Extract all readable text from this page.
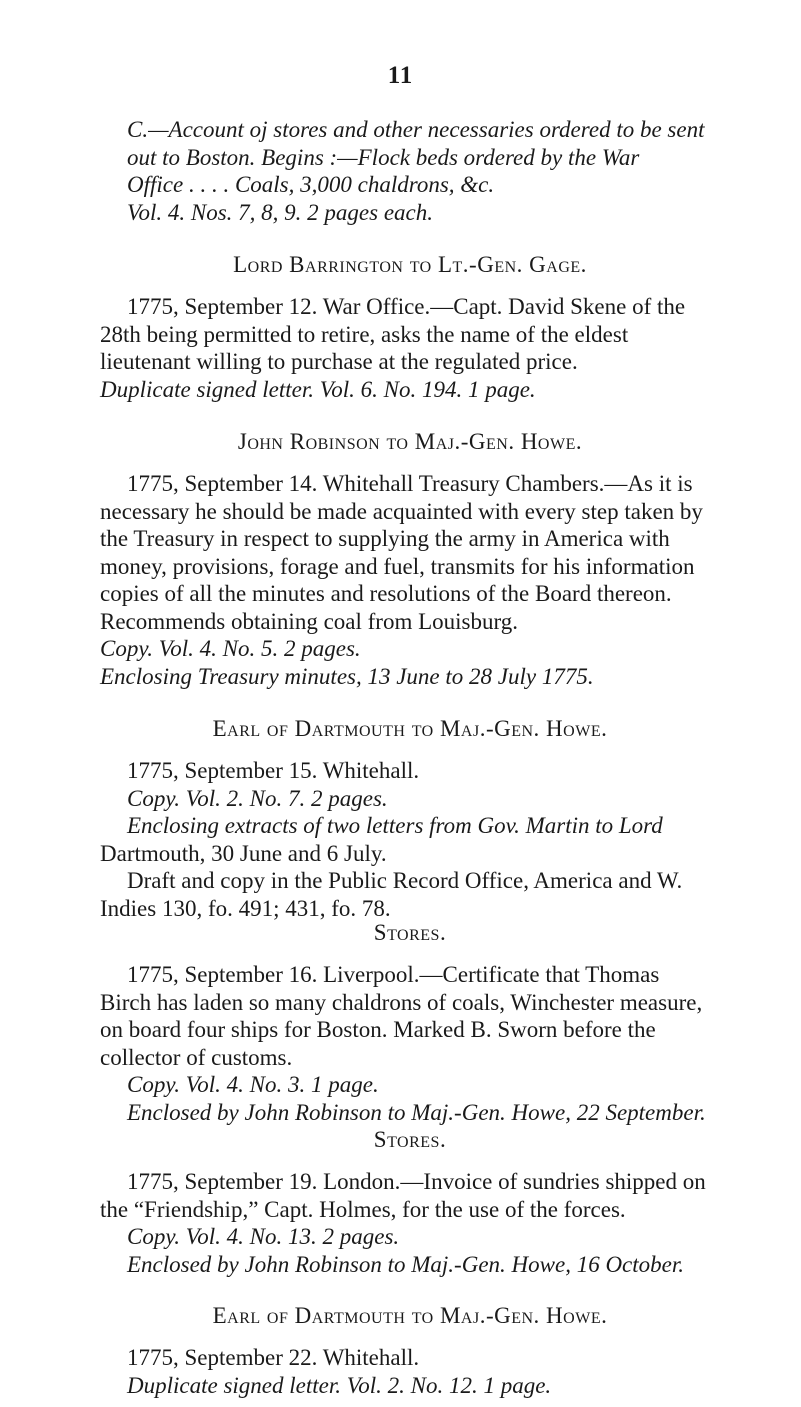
11
C.—Account oj stores and other necessaries ordered to be sent
out to Boston. Begins :—Flock beds ordered by the War
Office . . . . Coals, 3,000 chaldrons, &c.
Vol. 4. Nos. 7, 8, 9. 2 pages each.
Lord Barrington to Lt.-Gen. Gage.
1775, September 12. War Office.—Capt. David Skene of the
28th being permitted to retire, asks the name of the eldest
lieutenant willing to purchase at the regulated price.
Duplicate signed letter. Vol. 6. No. 194. 1 page.
John Robinson to Maj.-Gen. Howe.
1775, September 14. Whitehall Treasury Chambers.—As it is
necessary he should be made acquainted with every step taken by
the Treasury in respect to supplying the army in America with
money, provisions, forage and fuel, transmits for his information
copies of all the minutes and resolutions of the Board thereon.
Recommends obtaining coal from Louisburg.
Copy. Vol. 4. No. 5. 2 pages.
Enclosing Treasury minutes, 13 June to 28 July 1775.
Earl of Dartmouth to Maj.-Gen. Howe.
1775, September 15. Whitehall.
Copy. Vol. 2. No. 7. 2 pages.
Enclosing extracts of two letters from Gov. Martin to Lord
Dartmouth, 30 June and 6 July.
Draft and copy in the Public Record Office, America and W.
Indies 130, fo. 491; 431, fo. 78.
Stores.
1775, September 16. Liverpool.—Certificate that Thomas
Birch has laden so many chaldrons of coals, Winchester measure,
on board four ships for Boston. Marked B. Sworn before the
collector of customs.
Copy. Vol. 4. No. 3. 1 page.
Enclosed by John Robinson to Maj.-Gen. Howe, 22 September.
Stores.
1775, September 19. London.—Invoice of sundries shipped on
the “Friendship,” Capt. Holmes, for the use of the forces.
Copy. Vol. 4. No. 13. 2 pages.
Enclosed by John Robinson to Maj.-Gen. Howe, 16 October.
Earl of Dartmouth to Maj.-Gen. Howe.
1775, September 22. Whitehall.
Duplicate signed letter. Vol. 2. No. 12. 1 page.
